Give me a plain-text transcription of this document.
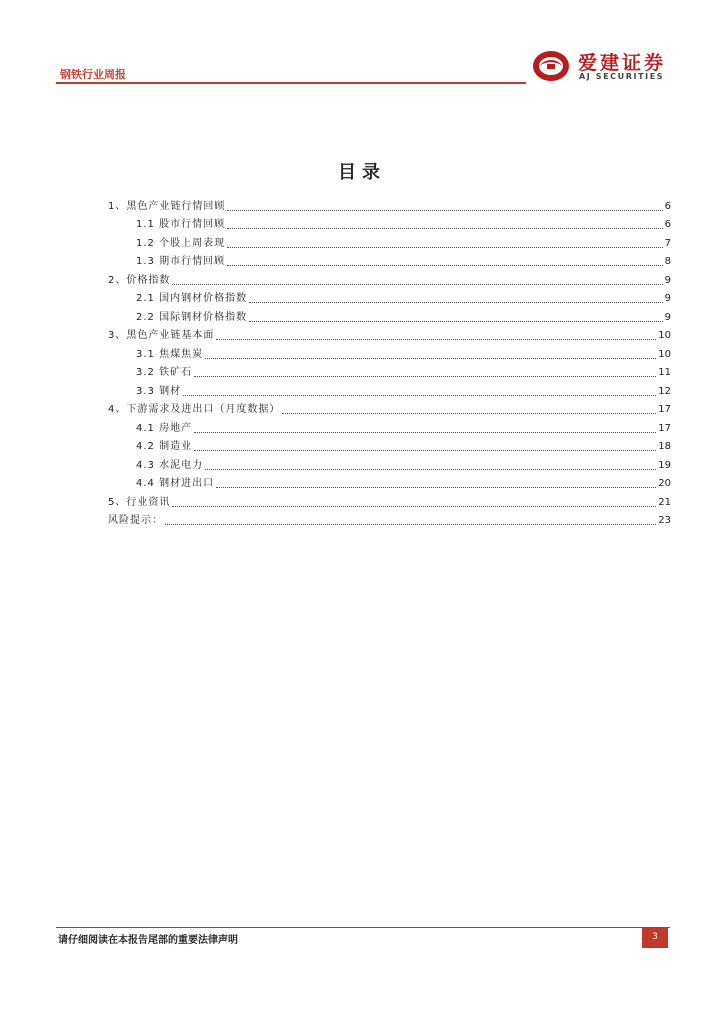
钢铁行业周报
爱建证券
AJ SECURITIES
目录
1、黑色产业链行情回顾	6
1.1 股市行情回顾	6
1.2 个股上周表现	7
1.3 期市行情回顾	8
2、价格指数	9
2.1 国内钢材价格指数	9
2.2 国际钢材价格指数	9
3、黑色产业链基本面	10
3.1 焦煤焦炭	10
3.2 铁矿石	11
3.3 钢材	12
4、下游需求及进出口（月度数据）	17
4.1 房地产	17
4.2 制造业	18
4.3 水泥电力	19
4.4 钢材进出口	20
5、行业资讯	21
风险提示：	23
请仔细阅读在本报告尾部的重要法律声明	3
